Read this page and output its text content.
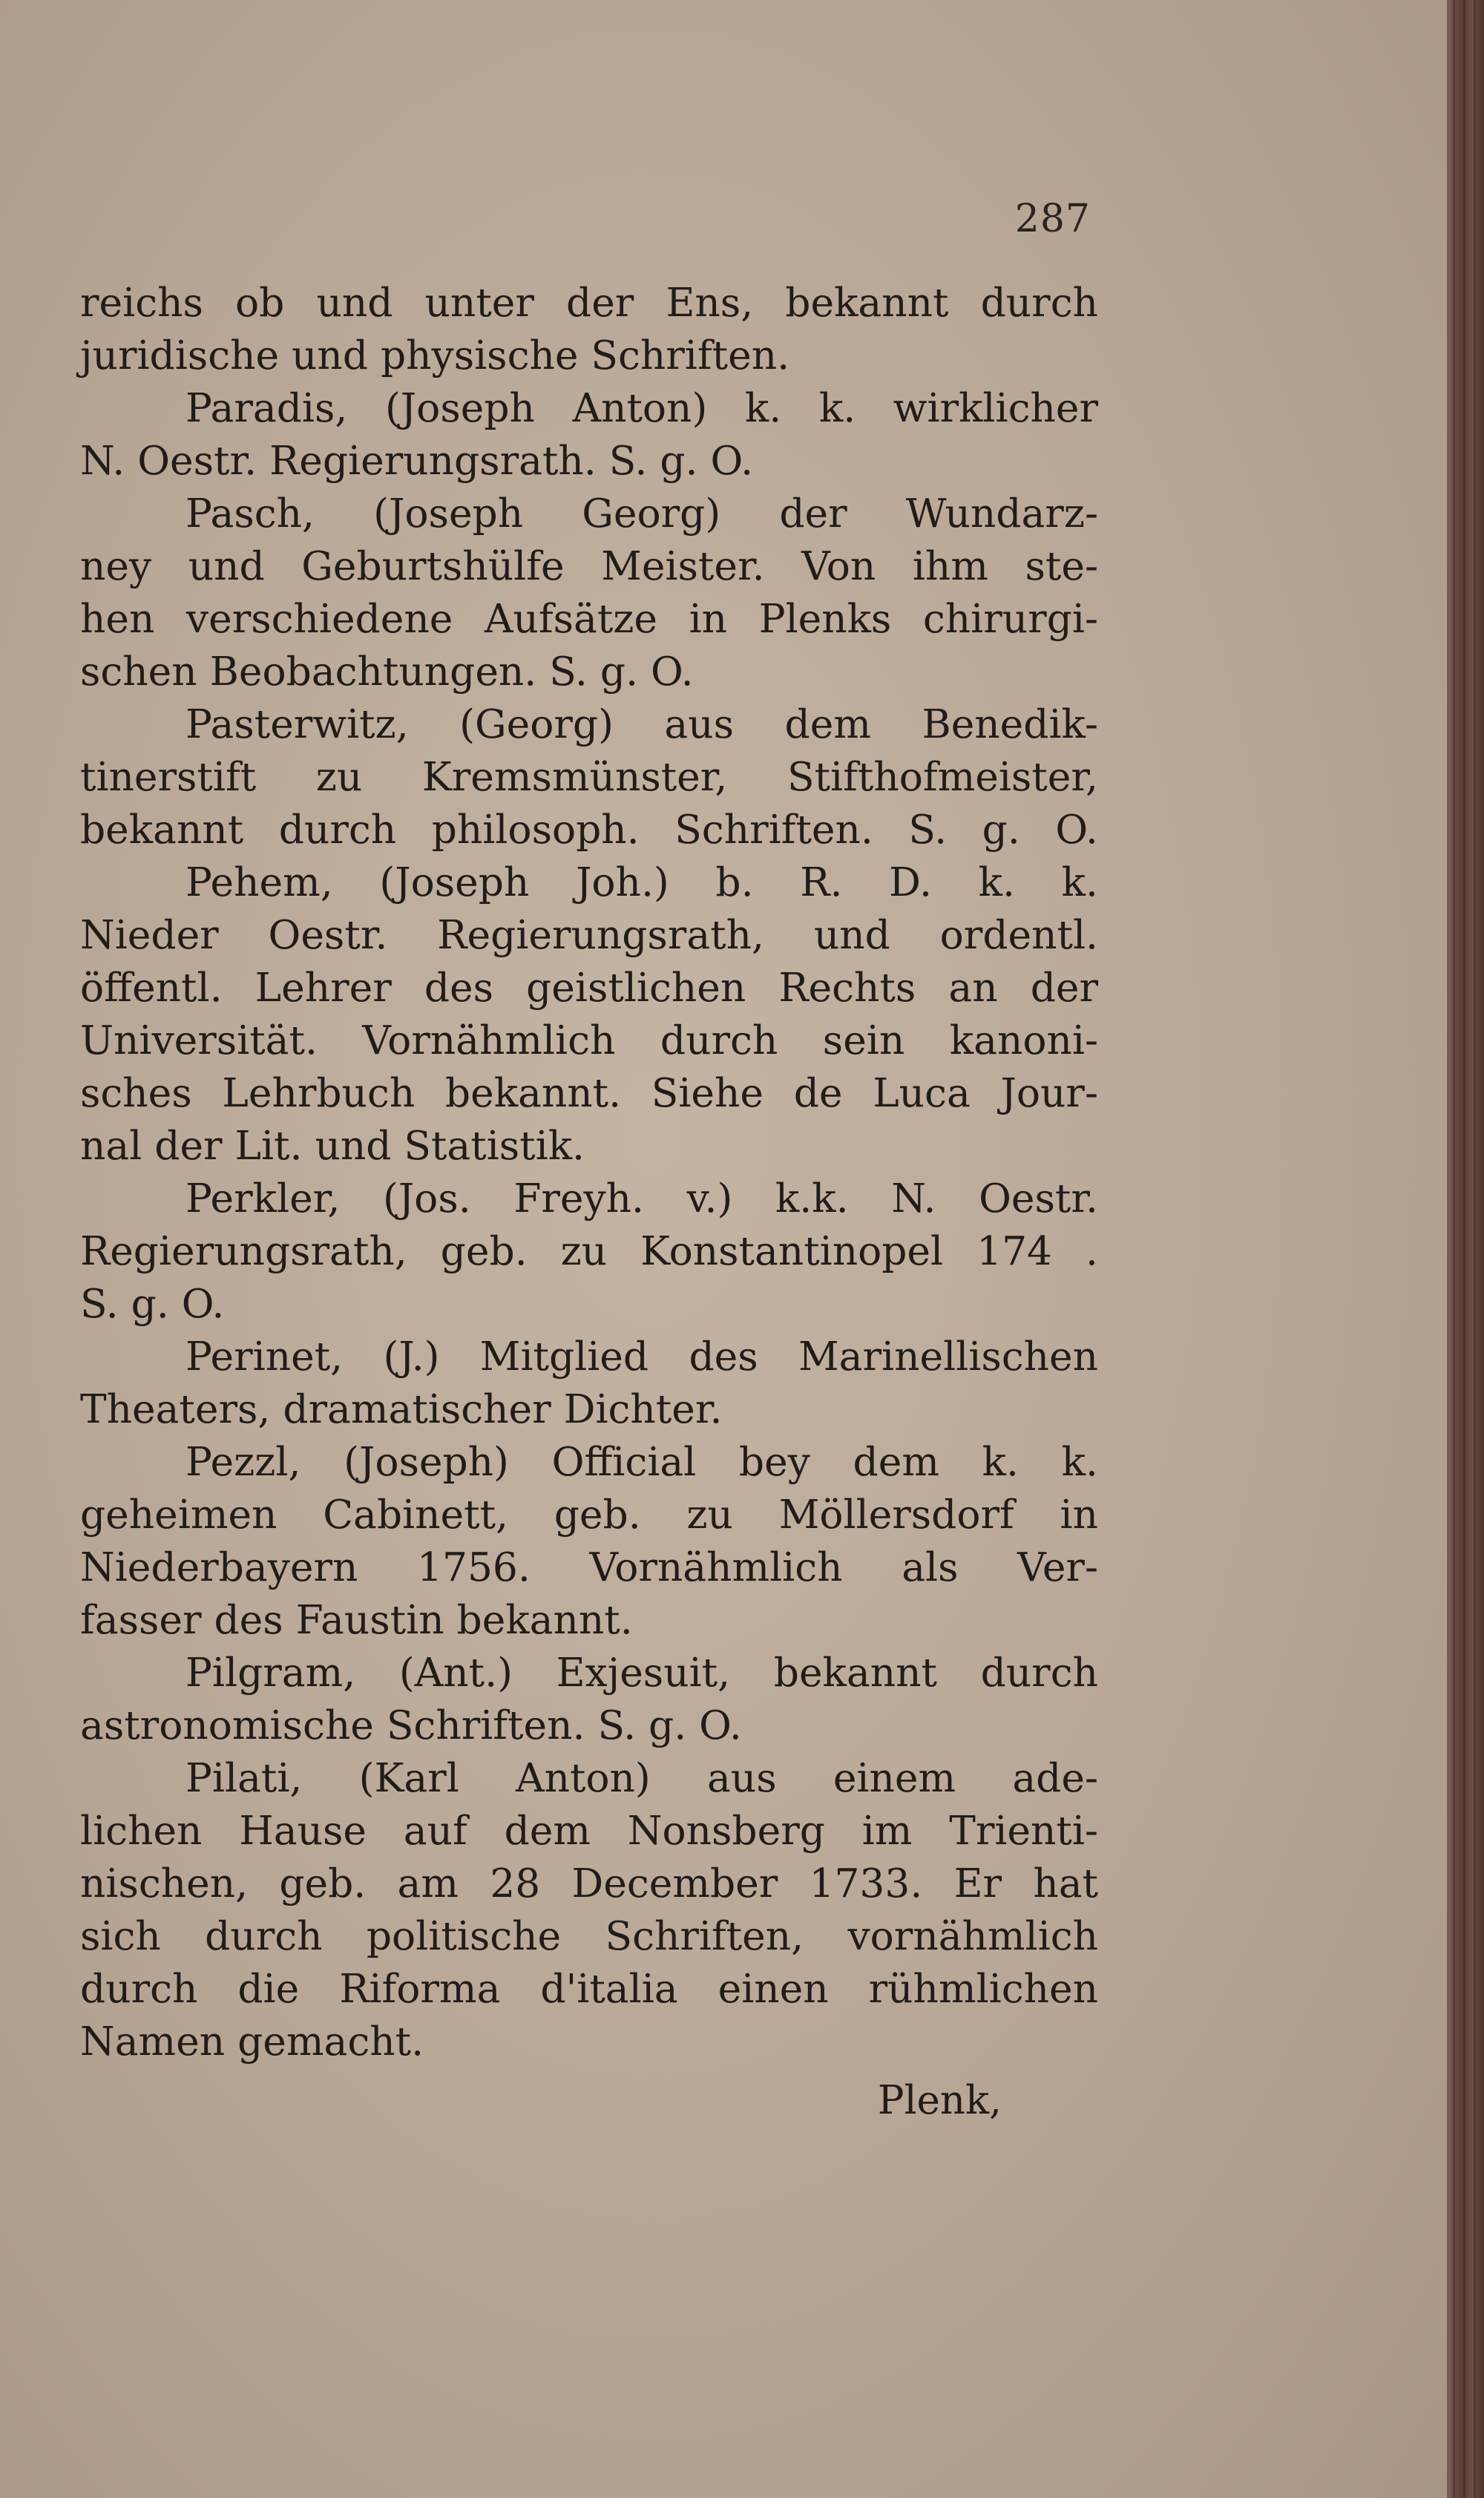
287
reichs ob und unter der Ens, bekannt durch
juridische und physische Schriften.
Paradis, (Joseph Anton) k. k. wirklicher
N. Oestr. Regierungsrath. S. g. O.
Pasch, (Joseph Georg) der Wundarz-
ney und Geburtshülfe Meister. Von ihm ste-
hen verschiedene Aufsätze in Plenks chirurgi-
schen Beobachtungen. S. g. O.
Pasterwitz, (Georg) aus dem Benedik-
tinerstift zu Kremsmünster, Stifthofmeister,
bekannt durch philosoph. Schriften. S. g. O.
Pehem, (Joseph Joh.) b. R. D. k. k.
Nieder Oestr. Regierungsrath, und ordentl.
öffentl. Lehrer des geistlichen Rechts an der
Universität. Vornähmlich durch sein kanoni-
sches Lehrbuch bekannt. Siehe de Luca Jour-
nal der Lit. und Statistik.
Perkler, (Jos. Freyh. v.) k.k. N. Oestr.
Regierungsrath, geb. zu Konstantinopel 174 .
S. g. O.
Perinet, (J.) Mitglied des Marinellischen
Theaters, dramatischer Dichter.
Pezzl, (Joseph) Official bey dem k. k.
geheimen Cabinett, geb. zu Möllersdorf in
Niederbayern 1756. Vornähmlich als Ver-
fasser des Faustin bekannt.
Pilgram, (Ant.) Exjesuit, bekannt durch
astronomische Schriften. S. g. O.
Pilati, (Karl Anton) aus einem ade-
lichen Hause auf dem Nonsberg im Trienti-
nischen, geb. am 28 December 1733. Er hat
sich durch politische Schriften, vornähmlich
durch die Riforma d'italia einen rühmlichen
Namen gemacht.
Plenk,
